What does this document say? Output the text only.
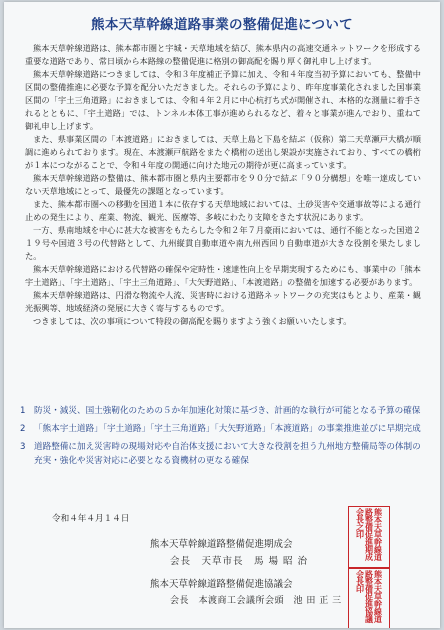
熊本天草幹線道路事業の整備促進について

熊本天草幹線道路は、熊本都市圏と宇城・天草地域を結び、熊本県内の高速交通ネットワークを形成する重要な道路であり、常日頃から本路線の整備促進に格別の御高配を賜り厚く御礼申し上げます。

熊本天草幹線道路につきましては、令和３年度補正予算に加え、令和４年度当初予算においても、整備中区間の整備推進に必要な予算を配分いただきました。それらの予算により、昨年度事業化されました国事業区間の「宇土三角道路」におきましては、令和４年２月に中心杭打ち式が開催され、本格的な測量に着手されるとともに、「宇土道路」では、トンネル本体工事が進められるなど、着々と事業が進んでおり、重ねて御礼申し上げます。

また、県事業区間の「本渡道路」におきましては、天草上島と下島を結ぶ（仮称）第二天草瀬戸大橋が順調に進められております。現在、本渡瀬戸航路をまたぐ橋桁の送出し架設が実施されており、すべての橋桁が１本につながることで、令和４年度の開通に向けた地元の期待が更に高まっています。

熊本天草幹線道路の整備は、熊本都市圏と県内主要都市を９０分で結ぶ「９０分構想」を唯一達成していない天草地域にとって、最優先の課題となっています。

また、熊本都市圏への移動を国道１本に依存する天草地域においては、土砂災害や交通事故等による通行止めの発生により、産業、物流、観光、医療等、多岐にわたり支障をきたす状況にあります。

一方、県南地域を中心に甚大な被害をもたらした令和２年７月豪雨においては、通行不能となった国道２１９号や国道３号の代替路として、九州縦貫自動車道や南九州西回り自動車道が大きな役割を果たしました。

熊本天草幹線道路における代替路の確保や定時性・速達性向上を早期実現するためにも、事業中の「熊本宇土道路」、「宇土道路」、「宇土三角道路」、「大矢野道路」、「本渡道路」の整備を加速する必要があります。

熊本天草幹線道路は、円滑な物流や人流、災害時における道路ネットワークの充実はもとより、産業・観光振興等、地域経済の発展に大きく寄与するものです。

つきましては、次の事項について特段の御高配を賜りますよう強くお願いいたします。

1 防災・減災、国土強靭化のための５か年加速化対策に基づき、計画的な執行が可能となる予算の確保
2 「熊本宇土道路」「宇土道路」「宇土三角道路」「大矢野道路」「本渡道路」の事業推進並びに早期完成
3 道路整備に加え災害時の現場対応や自治体支援において大きな役割を担う九州地方整備局等の体制の充実・強化や災害対応に必要となる資機材の更なる確保
令和４年４月１４日
熊本天草幹線道路整備促進期成会
会長　天草市長　馬 場 昭 治
熊本天草幹線道路整備促進期成会長之印
熊本天草幹線道路整備促進協議会
会長　本渡商工会議所会頭　池 田 正 三	熊本天草幹線道路整備促進協議会長印
